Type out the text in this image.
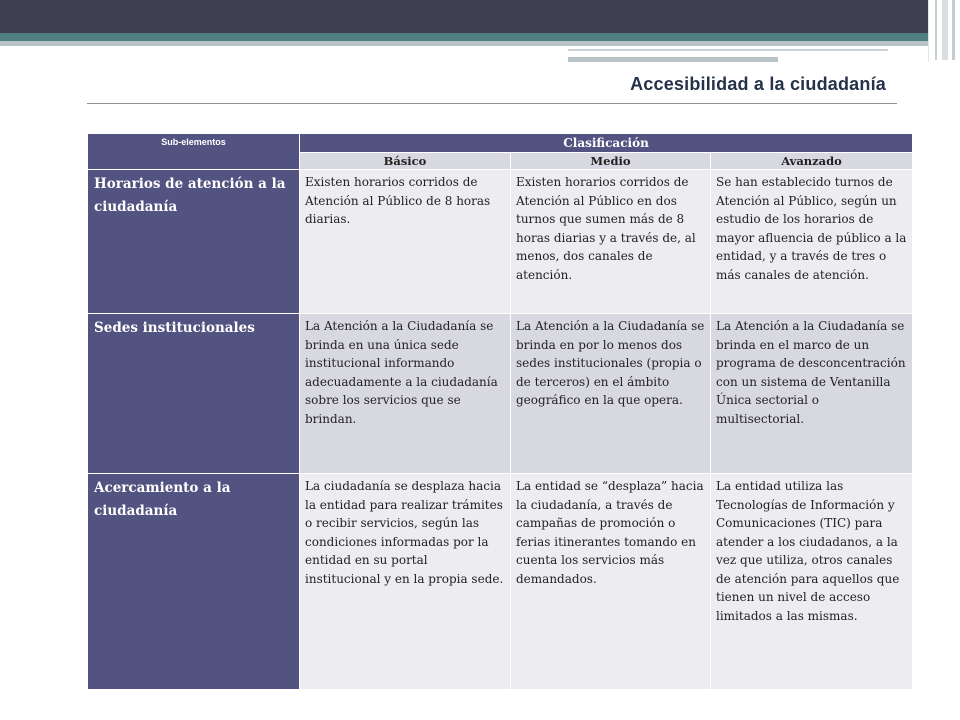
Accesibilidad a la ciudadanía
Sub-elementos	Clasificación		
	Básico	Medio	Avanzado
Horarios de atención a la ciudadanía	Existen horarios corridos de Atención al Público de 8 horas diarias.	Existen horarios corridos de Atención al Público en dos turnos que sumen más de 8 horas diarias y a través de, al menos, dos canales de atención.	Se han establecido turnos de Atención al Público, según un estudio de los horarios de mayor afluencia de público a la entidad, y a través de tres o más canales de atención.
Sedes institucionales	La Atención a la Ciudadanía se brinda en una única sede institucional informando adecuadamente a la ciudadanía sobre los servicios que se brindan.	La Atención a la Ciudadanía se brinda en por lo menos dos sedes institucionales (propia o de terceros) en el ámbito geográfico en la que opera.	La Atención a la Ciudadanía se brinda en el marco de un programa de desconcentración con un sistema de Ventanilla Única sectorial o multisectorial.
Acercamiento a la ciudadanía	La ciudadanía se desplaza hacia la entidad para realizar trámites o recibir servicios, según las condiciones informadas por la entidad en su portal institucional y en la propia sede.	La entidad se “desplaza” hacia la ciudadanía, a través de campañas de promoción o ferias itinerantes tomando en cuenta los servicios más demandados.	La entidad utiliza las Tecnologías de Información y Comunicaciones (TIC) para atender a los ciudadanos, a la vez que utiliza, otros canales de atención para aquellos que tienen un nivel de acceso limitados a las mismas.
